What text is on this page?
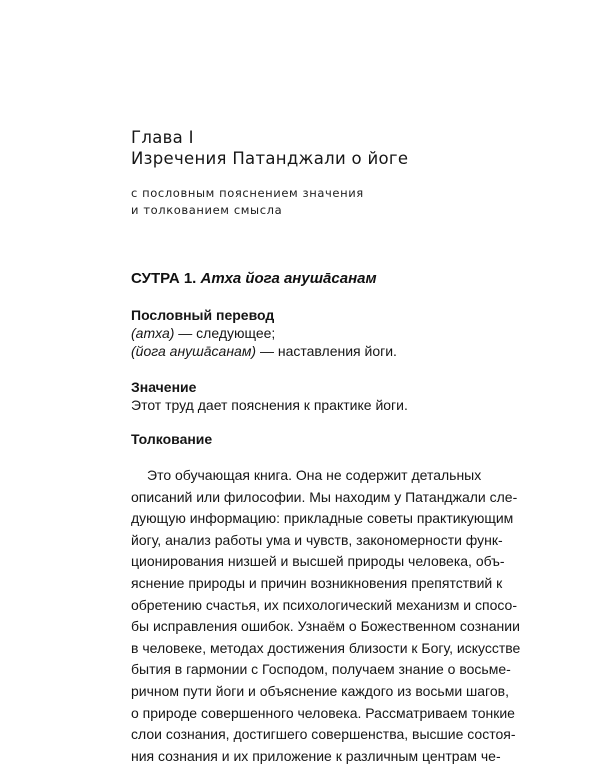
Глава I
Изречения Патанджали о йоге
с пословным пояснением значения
и толкованием смысла
СУТРА 1. Атха йога анушāсанам
Пословный перевод
(атха) — следующее;
(йога анушāсанам) — наставления йоги.
Значение
Этот труд дает пояснения к практике йоги.
Толкование
Это обучающая книга. Она не содержит детальных
описаний или философии. Мы находим у Патанджали сле-
дующую информацию: прикладные советы практикующим
йогу, анализ работы ума и чувств, закономерности функ-
ционирования низшей и высшей природы человека, объ-
яснение природы и причин возникновения препятствий к
обретению счастья, их психологический механизм и спосо-
бы исправления ошибок. Узнаём о Божественном сознании
в человеке, методах достижения близости к Богу, искусстве
бытия в гармонии с Господом, получаем знание о восьме-
ричном пути йоги и объяснение каждого из восьми шагов,
о природе совершенного человека. Рассматриваем тонкие
слои сознания, достигшего совершенства, высшие состоя-
ния сознания и их приложение к различным центрам че-
